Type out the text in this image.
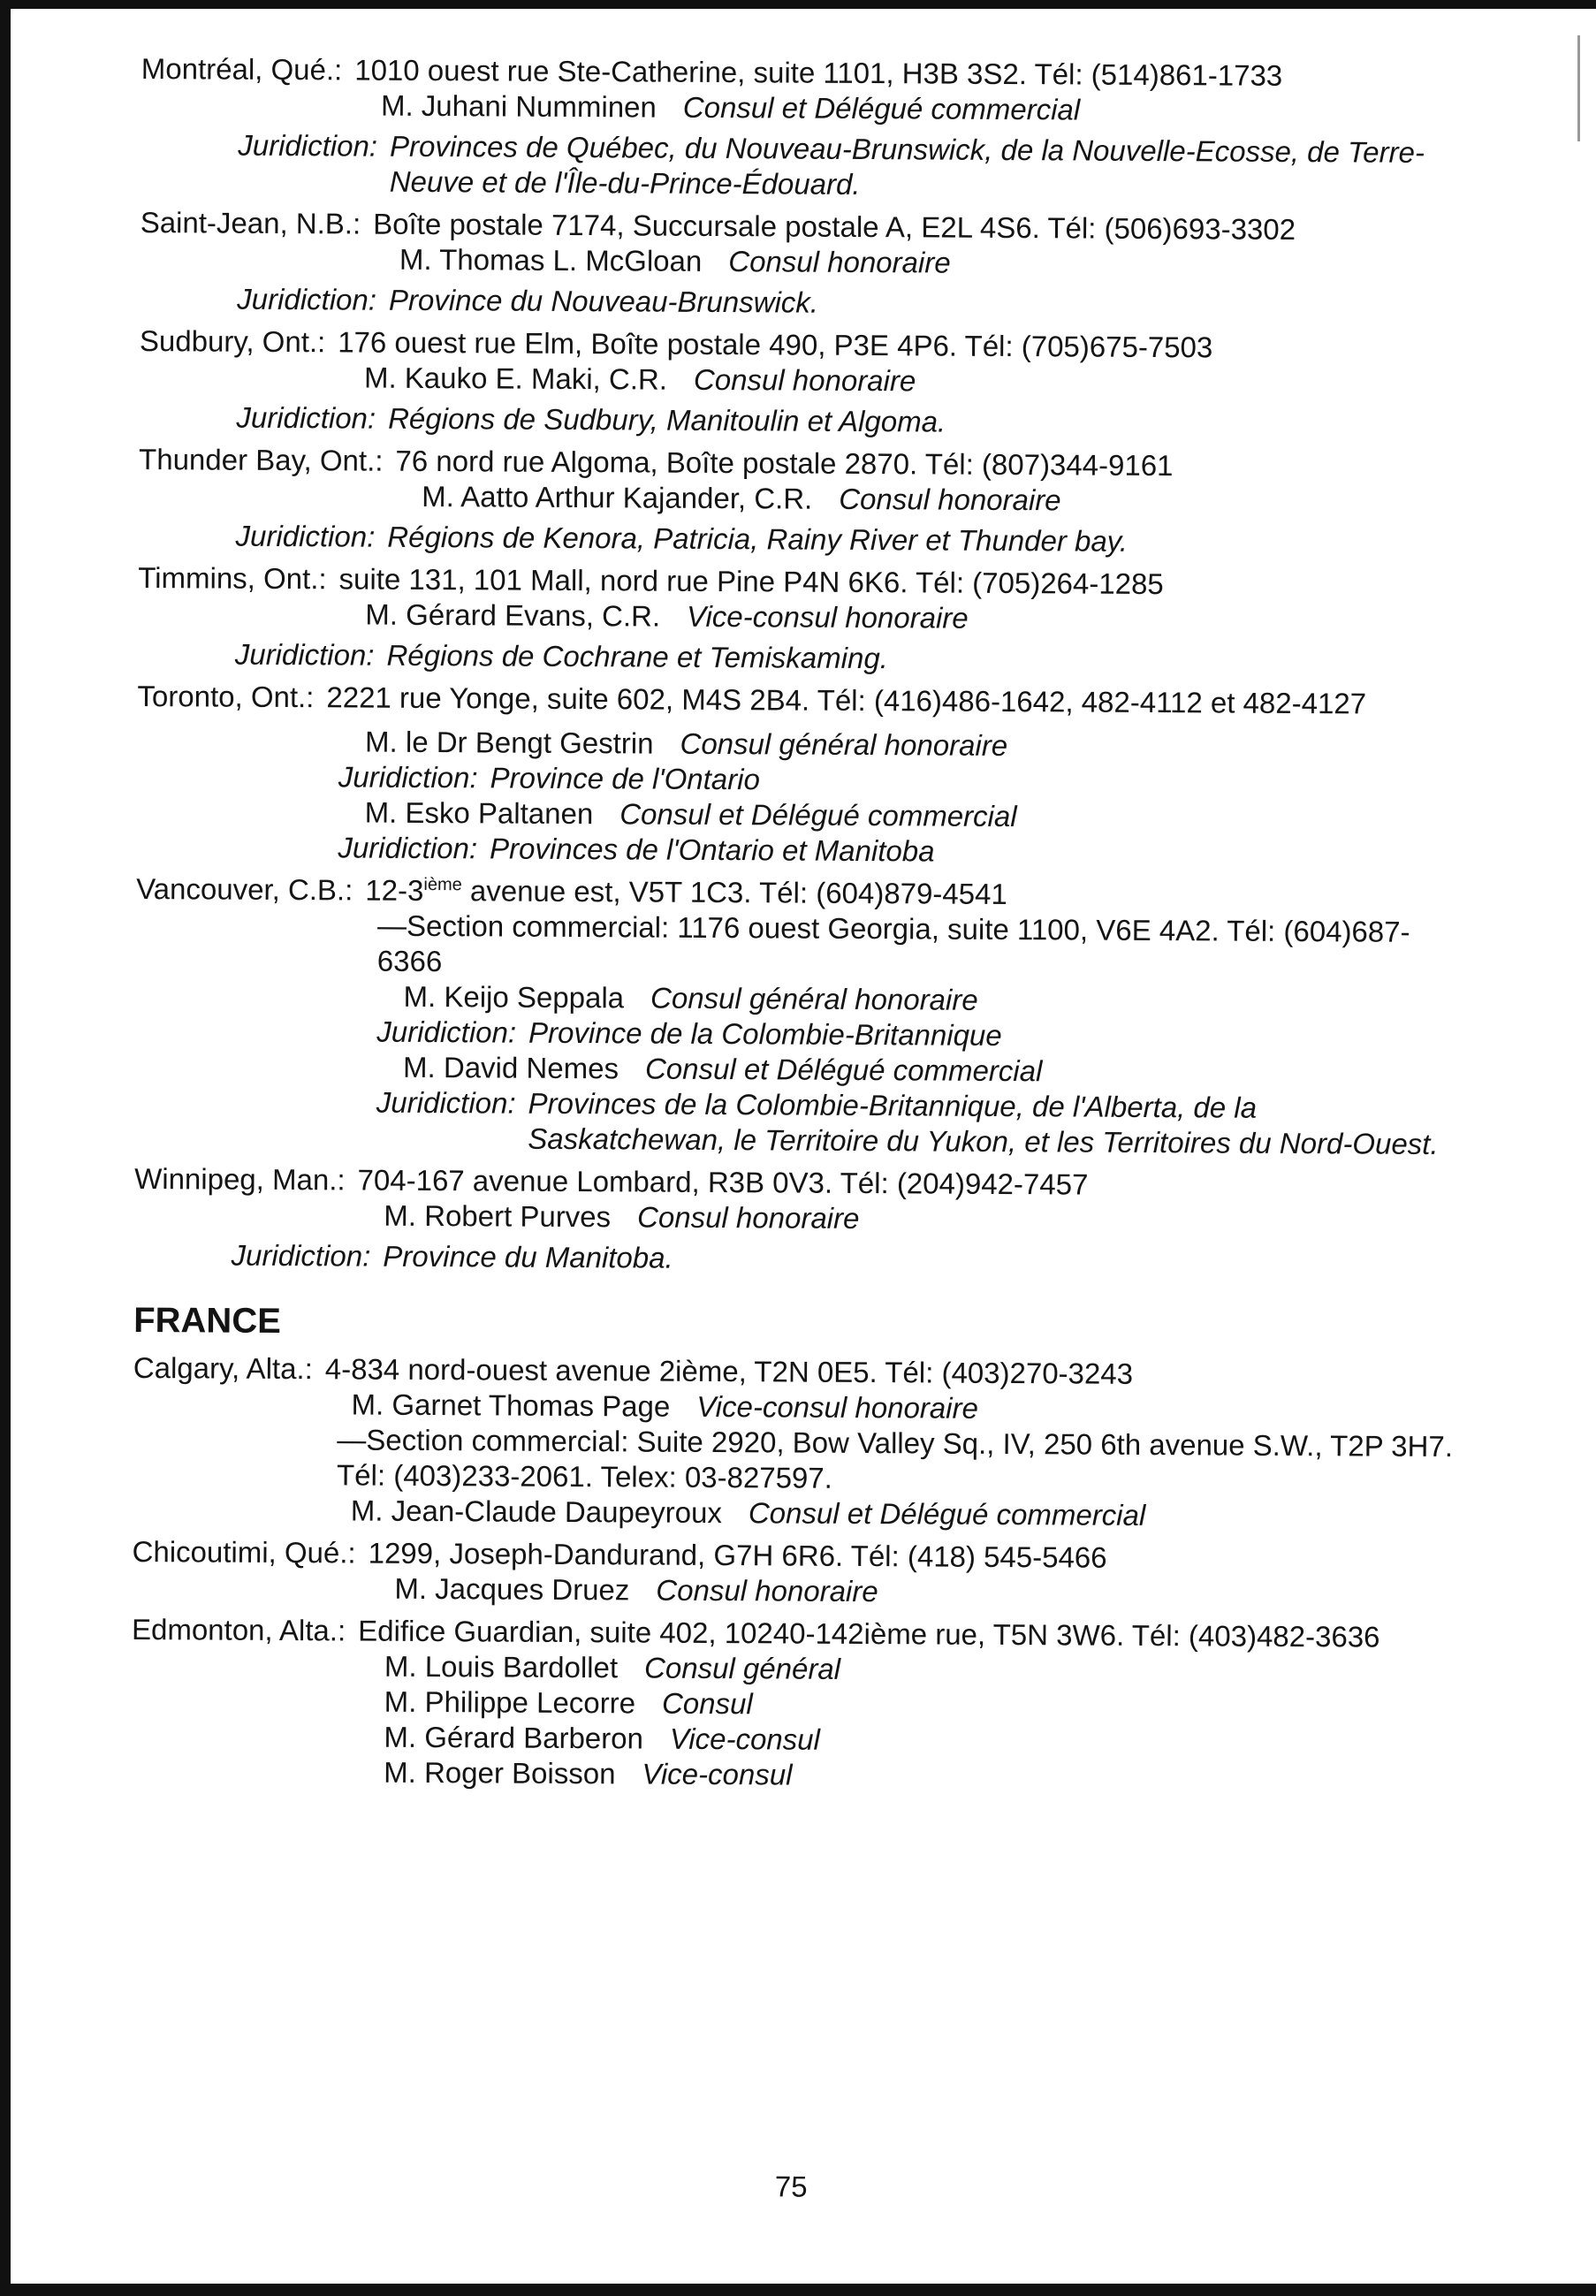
Montréal, Qué.: 1010 ouest rue Ste-Catherine, suite 1101, H3B 3S2. Tél: (514)861-1733
M. Juhani Numminen Consul et Délégué commercial
Juridiction: Provinces de Québec, du Nouveau-Brunswick, de la Nouvelle-Ecosse, de Terre-Neuve et de l'Île-du-Prince-Édouard.
Saint-Jean, N.B.: Boîte postale 7174, Succursale postale A, E2L 4S6. Tél: (506)693-3302
M. Thomas L. McGloan Consul honoraire
Juridiction: Province du Nouveau-Brunswick.
Sudbury, Ont.: 176 ouest rue Elm, Boîte postale 490, P3E 4P6. Tél: (705)675-7503
M. Kauko E. Maki, C.R. Consul honoraire
Juridiction: Régions de Sudbury, Manitoulin et Algoma.
Thunder Bay, Ont.: 76 nord rue Algoma, Boîte postale 2870. Tél: (807)344-9161
M. Aatto Arthur Kajander, C.R. Consul honoraire
Juridiction: Régions de Kenora, Patricia, Rainy River et Thunder bay.
Timmins, Ont.: suite 131, 101 Mall, nord rue Pine P4N 6K6. Tél: (705)264-1285
M. Gérard Evans, C.R. Vice-consul honoraire
Juridiction: Régions de Cochrane et Temiskaming.
Toronto, Ont.: 2221 rue Yonge, suite 602, M4S 2B4. Tél: (416)486-1642, 482-4112 et 482-4127
M. le Dr Bengt Gestrin Consul général honoraire
Juridiction: Province de l'Ontario
M. Esko Paltanen Consul et Délégué commercial
Juridiction: Provinces de l'Ontario et Manitoba
Vancouver, C.B.: 12-3ième avenue est, V5T 1C3. Tél: (604)879-4541
—Section commercial: 1176 ouest Georgia, suite 1100, V6E 4A2. Tél: (604)687-6366
M. Keijo Seppala Consul général honoraire
Juridiction: Province de la Colombie-Britannique
M. David Nemes Consul et Délégué commercial
Juridiction: Provinces de la Colombie-Britannique, de l'Alberta, de la Saskatchewan, le Territoire du Yukon, et les Territoires du Nord-Ouest.
Winnipeg, Man.: 704-167 avenue Lombard, R3B 0V3. Tél: (204)942-7457
M. Robert Purves Consul honoraire
Juridiction: Province du Manitoba.
FRANCE
Calgary, Alta.: 4-834 nord-ouest avenue 2ième, T2N 0E5. Tél: (403)270-3243
M. Garnet Thomas Page Vice-consul honoraire
—Section commercial: Suite 2920, Bow Valley Sq., IV, 250 6th avenue S.W., T2P 3H7. Tél: (403)233-2061. Telex: 03-827597.
M. Jean-Claude Daupeyroux Consul et Délégué commercial
Chicoutimi, Qué.: 1299, Joseph-Dandurand, G7H 6R6. Tél: (418) 545-5466
M. Jacques Druez Consul honoraire
Edmonton, Alta.: Edifice Guardian, suite 402, 10240-142ième rue, T5N 3W6. Tél: (403)482-3636
M. Louis Bardollet Consul général
M. Philippe Lecorre Consul
M. Gérard Barberon Vice-consul
M. Roger Boisson Vice-consul
75
